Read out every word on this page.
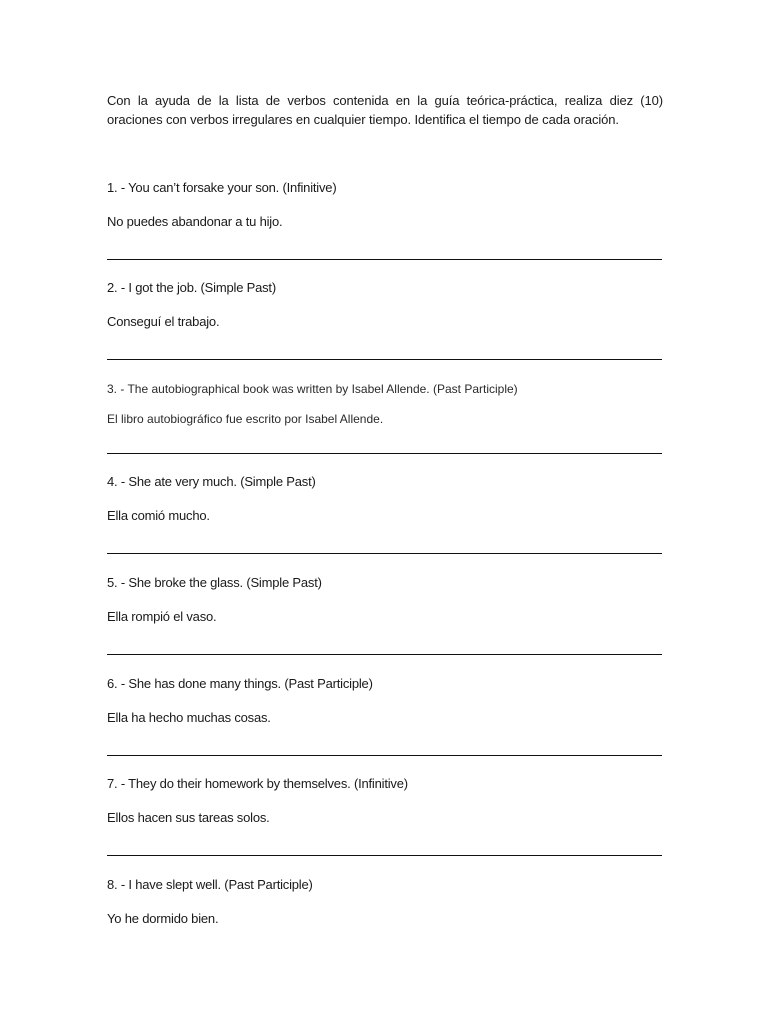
Con la ayuda de la lista de verbos contenida en la guía teórica-práctica, realiza diez (10) oraciones con verbos irregulares en cualquier tiempo. Identifica el tiempo de cada oración.

1. - You can’t forsake your son. (Infinitive)
No puedes abandonar a tu hijo.
2. - I got the job. (Simple Past)
Conseguí el trabajo.
3. - The autobiographical book was written by Isabel Allende. (Past Participle)
El libro autobiográfico fue escrito por Isabel Allende.
4. - She ate very much. (Simple Past)
Ella comió mucho.
5. - She broke the glass. (Simple Past)
Ella rompió el vaso.
6. - She has done many things. (Past Participle)
Ella ha hecho muchas cosas.
7. - They do their homework by themselves. (Infinitive)
Ellos hacen sus tareas solos.
8. - I have slept well. (Past Participle)
Yo he dormido bien.
